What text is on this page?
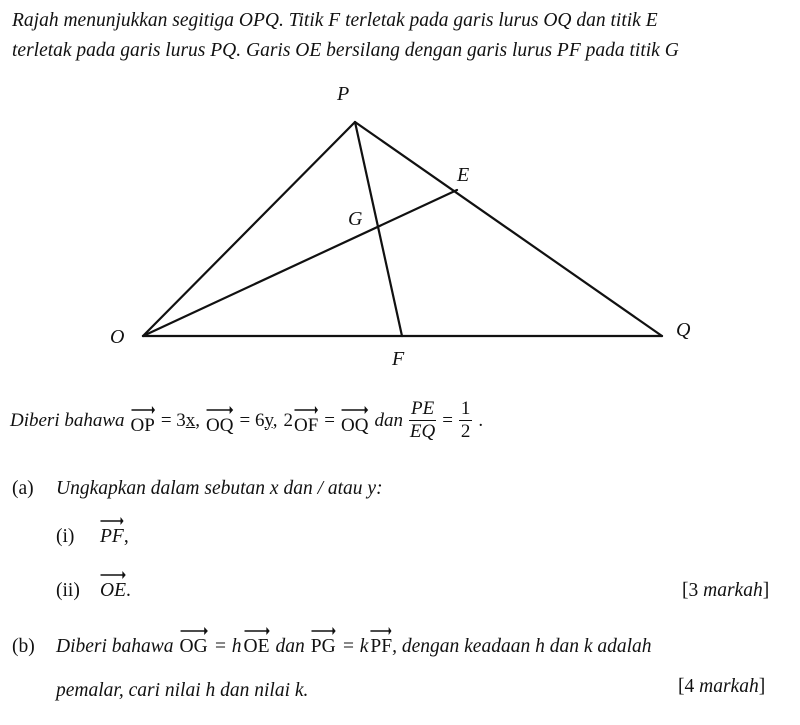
Rajah menunjukkan segitiga OPQ. Titik F terletak pada garis lurus OQ dan titik E
terletak pada garis lurus PQ. Garis OE bersilang dengan garis lurus PF pada titik G
P
E
G
O	Q
F
Diberi bahawa OP = 3x, OQ = 6y, 2 OF = OQ dan $\frac{PE}{EQ} = \frac{1}{2}$ .
(a) Ungkapkan dalam sebutan x dan / atau y:
(i) PF ,
(ii) OE .	[3 markah]
(b) Diberi bahawa OG = h OE dan PG = k PF , dengan keadaan h dan k adalah
pemalar, cari nilai h dan nilai k.	[4 markah]
